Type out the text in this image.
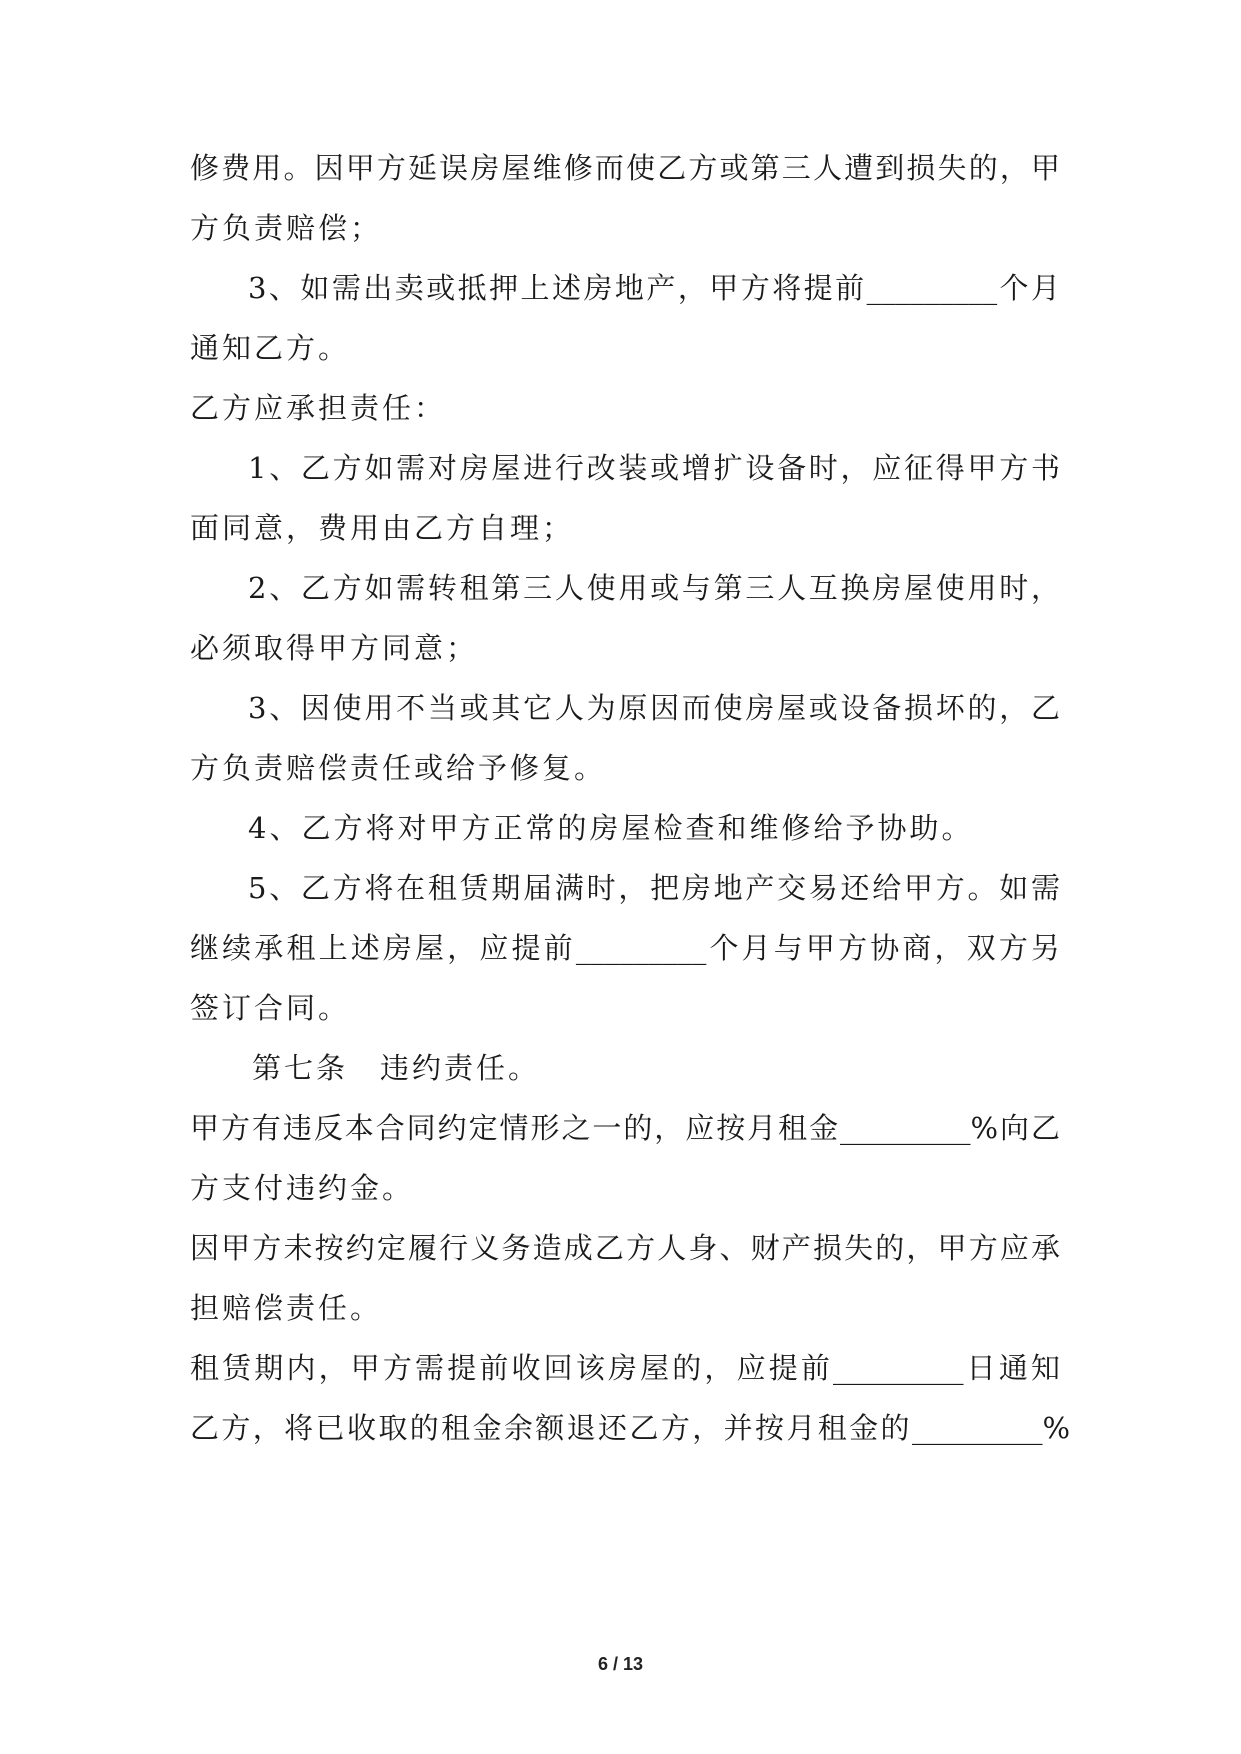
修费用。因甲方延误房屋维修而使乙方或第三人遭到损失的，甲
方负责赔偿；
3、如需出卖或抵押上述房地产，甲方将提前_________个月
通知乙方。
乙方应承担责任：
1、乙方如需对房屋进行改装或增扩设备时，应征得甲方书
面同意，费用由乙方自理；
2、乙方如需转租第三人使用或与第三人互换房屋使用时，
必须取得甲方同意；
3、因使用不当或其它人为原因而使房屋或设备损坏的，乙
方负责赔偿责任或给予修复。
4、乙方将对甲方正常的房屋检查和维修给予协助。
5、乙方将在租赁期届满时，把房地产交易还给甲方。如需
继续承租上述房屋，应提前_________个月与甲方协商，双方另
签订合同。
第七条　违约责任。
甲方有违反本合同约定情形之一的，应按月租金_________%向乙
方支付违约金。
因甲方未按约定履行义务造成乙方人身、财产损失的，甲方应承
担赔偿责任。
租赁期内，甲方需提前收回该房屋的，应提前_________日通知
乙方，将已收取的租金余额退还乙方，并按月租金的_________%
6 / 13
